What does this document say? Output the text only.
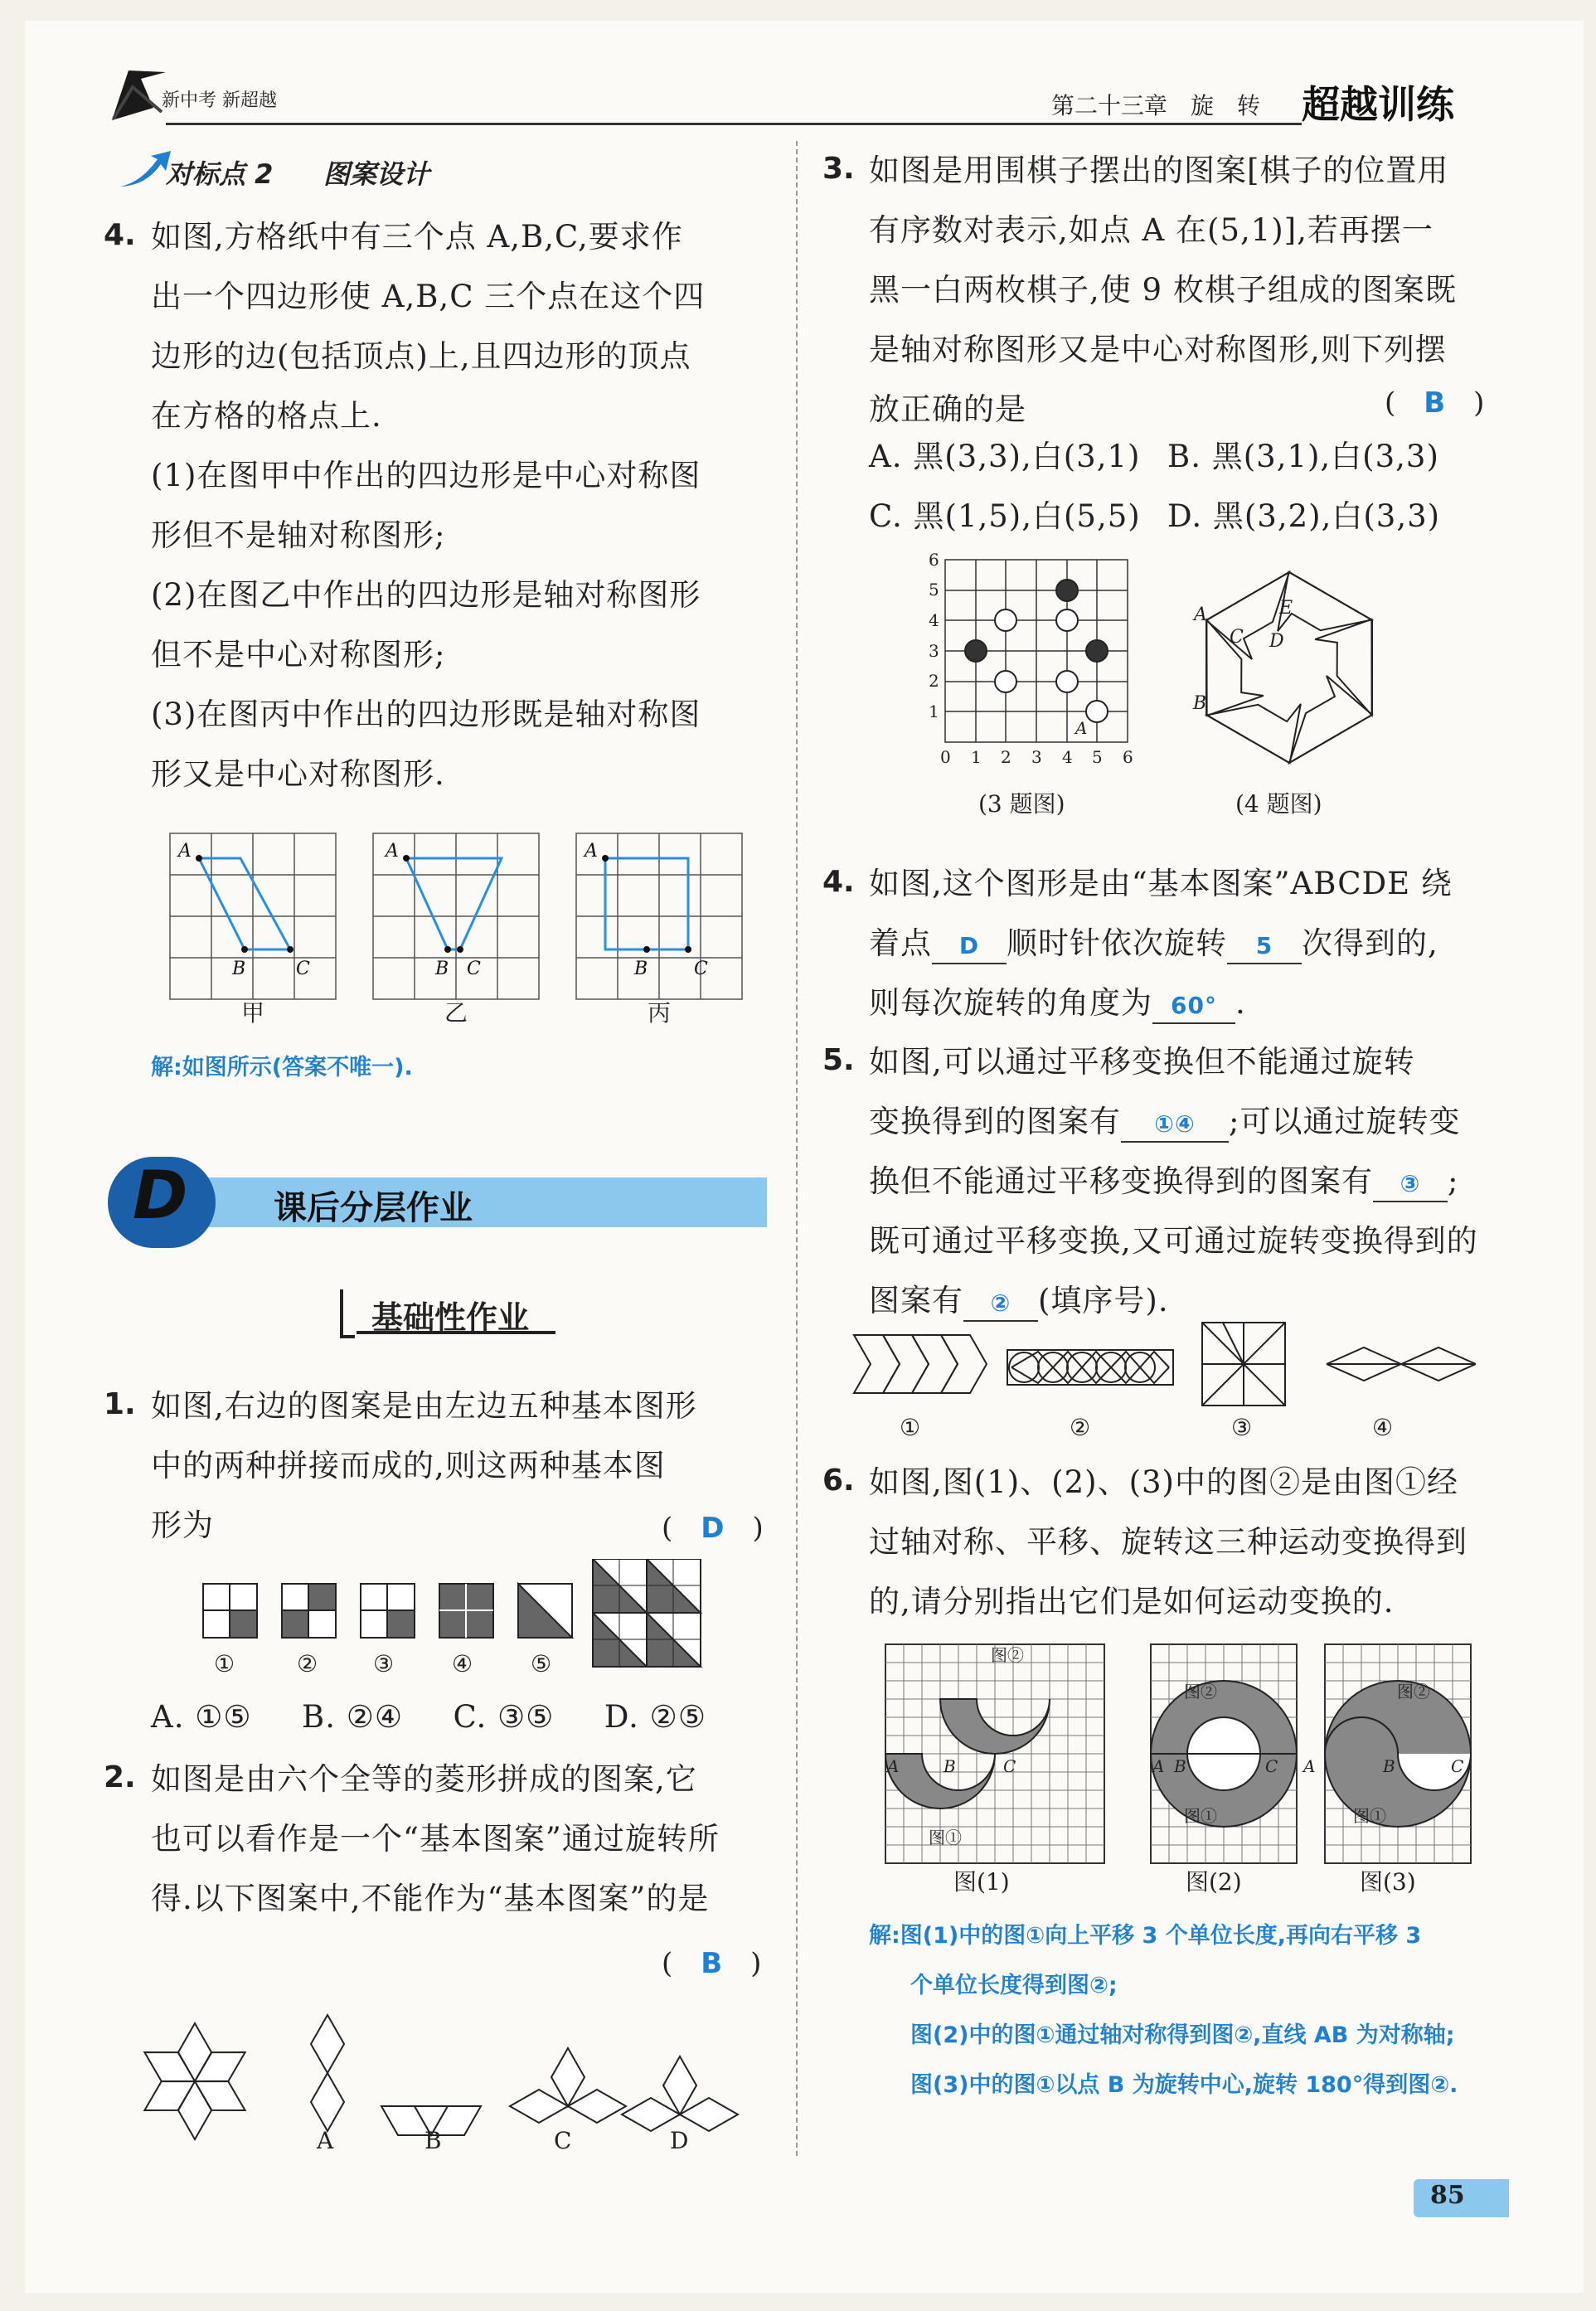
新中考 新超越	第二十三章　旋　转 超越训练
对标点 2 图案设计
4. 如图,方格纸中有三个点 A,B,C,要求作
出一个四边形使 A,B,C 三个点在这个四
边形的边(包括顶点)上,且四边形的顶点
在方格的格点上.
(1)在图甲中作出的四边形是中心对称图
形但不是轴对称图形;
(2)在图乙中作出的四边形是轴对称图形
但不是中心对称图形;
(3)在图丙中作出的四边形既是轴对称图
形又是中心对称图形.
A
B	C
A
B C
A
B	C
甲	乙	丙
解:如图所示(答案不唯一).
D	课后分层作业
基础性作业
1. 如图,右边的图案是由左边五种基本图形
中的两种拼接而成的,则这两种基本图
形为	(　D　)
①	② ③ ④ ⑤
A. ①⑤ B. ②④ C. ③⑤ D. ②⑤
2. 如图是由六个全等的菱形拼成的图案,它
也可以看作是一个“基本图案”通过旋转所
得.以下图案中,不能作为“基本图案”的是
(　B　)
A	B	C	D
3. 如图是用围棋子摆出的图案[棋子的位置用
有序数对表示,如点 A 在(5,1)],若再摆一
黑一白两枚棋子,使 9 枚棋子组成的图案既
是轴对称图形又是中心对称图形,则下列摆
放正确的是	(　B　)
A. 黑(3,3),白(3,1) B. 黑(3,1),白(3,3)
C. 黑(1,5),白(5,5) D. 黑(3,2),白(3,3)
6
5
4
3
2
1
0 1 2 3 4 5 6
A
(3 题图)
A	E
C D
B
(4 题图)
4. 如图,这个图形是由“基本图案”ABCDE 绕
着点 D 顺时针依次旋转 5 次得到的,
则每次旋转的角度为 60° .
5. 如图,可以通过平移变换但不能通过旋转
变换得到的图案有 ①④ ;可以通过旋转变
换但不能通过平移变换得到的图案有 ③ ;
既可通过平移变换,又可通过旋转变换得到的
图案有 ② (填序号).
①	②	③	④
6. 如图,图(1)、(2)、(3)中的图②是由图①经
过轴对称、平移、旋转这三种运动变换得到
的,请分别指出它们是如何运动变换的.
图②
图①
A	B	C
图②
图①
A B	C
图②
图①
A	B	C
图(1)	图(2)	图(3)
解:图(1)中的图①向上平移 3 个单位长度,再向右平移 3
个单位长度得到图②;
图(2)中的图①通过轴对称得到图②,直线 AB 为对称轴;
图(3)中的图①以点 B 为旋转中心,旋转 180°得到图②.
85
